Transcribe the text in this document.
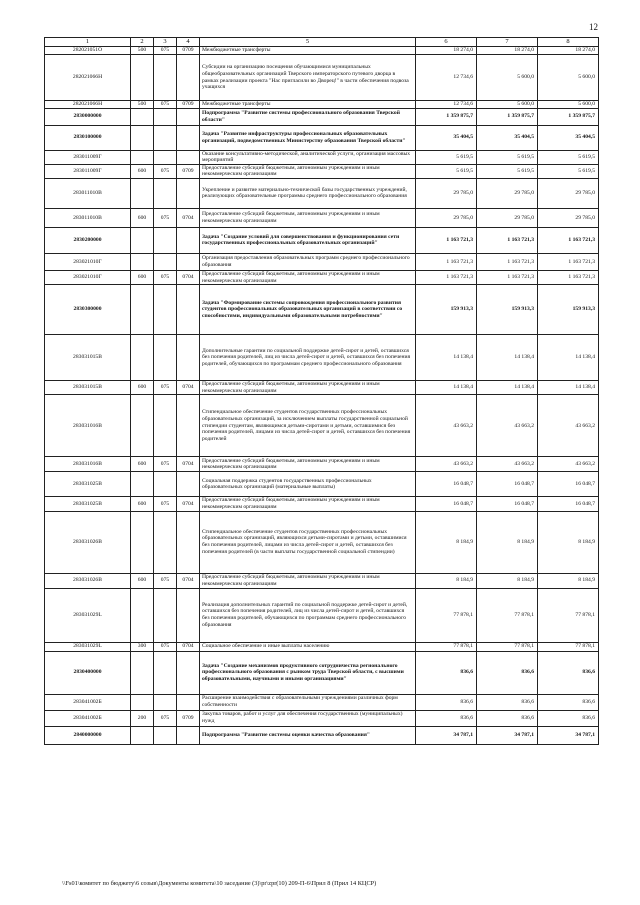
12
1	2	3	4	5	6	7	8
282021051O	500	075	0709	Межбюджетные трансферты	18 274,0	18 274,0	18 274,0
282021066H				Субсидии на организацию посещения обучающимися муниципальных общеобразовательных организаций Тверского императорского путевого дворца в рамках реализации проекта "Нас пригласили во Дворец!" в части обеспечения подвоза учащихся	12 734,6	5 600,0	5 600,0
282021066H	500	075	0709	Межбюджетные трансферты	12 734,6	5 600,0	5 600,0
2830000000				Подпрограмма "Развитие системы профессионального образования Тверской области"	1 359 875,7	1 359 875,7	1 359 875,7
2830100000				Задача "Развитие инфраструктуры профессиональных образовательных организаций, подведомственных Министерству образования Тверской области"	35 404,5	35 404,5	35 404,5
283011009Г				Оказание консультативно-методической, аналитической услуги, организация массовых мероприятий	5 619,5	5 619,5	5 619,5
283011009Г	600	075	0709	Предоставление субсидий бюджетным, автономным учреждениям и иным некоммерческим организациям	5 619,5	5 619,5	5 619,5
283011010В				Укрепление и развитие материально-технической базы государственных учреждений, реализующих образовательные программы среднего профессионального образования	29 785,0	29 785,0	29 785,0
283011010В	600	075	0704	Предоставление субсидий бюджетным, автономным учреждениям и иным некоммерческим организациям	29 785,0	29 785,0	29 785,0
2830200000				Задача "Создание условий для совершенствования и функционирования сети государственных профессиональных образовательных организаций"	1 163 721,3	1 163 721,3	1 163 721,3
283021010Г				Организация предоставления образовательных программ среднего профессионального образования	1 163 721,3	1 163 721,3	1 163 721,3
283021010Г	600	075	0704	Предоставление субсидий бюджетным, автономным учреждениям и иным некоммерческим организациям	1 163 721,3	1 163 721,3	1 163 721,3
2830300000				Задача "Формирование системы сопровождения профессионального развития студентов профессиональных образовательных организаций в соответствии со способностями, индивидуальными образовательными потребностями"	159 913,3	159 913,3	159 913,3
283031015В				Дополнительные гарантии по социальной поддержке детей-сирот и детей, оставшихся без попечения родителей, лиц из числа детей-сирот и детей, оставшихся без попечения родителей, обучающихся по программам среднего профессионального образования	14 138,4	14 138,4	14 138,4
283031015В	600	075	0704	Предоставление субсидий бюджетным, автономным учреждениям и иным некоммерческим организациям	14 138,4	14 138,4	14 138,4
283031016В				Стипендиальное обеспечение студентов государственных профессиональных образовательных организаций, за исключением выплаты государственной социальной стипендии студентам, являющимся детьми-сиротами и детьми, оставшимися без попечения родителей, лицами из числа детей-сирот и детей, оставшихся без попечения родителей	43 663,2	43 663,2	43 663,2
283031016В	600	075	0704	Предоставление субсидий бюджетным, автономным учреждениям и иным некоммерческим организациям	43 663,2	43 663,2	43 663,2
283031025В				Социальная поддержка студентов государственных профессиональных образовательных организаций (материальные выплаты)	16 048,7	16 048,7	16 048,7
283031025В	600	075	0704	Предоставление субсидий бюджетным, автономным учреждениям и иным некоммерческим организациям	16 048,7	16 048,7	16 048,7
283031026В				Стипендиальное обеспечение студентов государственных профессиональных образовательных организаций, являющихся детьми-сиротами и детьми, оставшимися без попечения родителей, лицами из числа детей-сирот и детей, оставшихся без попечения родителей (в части выплаты государственной социальной стипендии)	8 184,9	8 184,9	8 184,9
283031026В	600	075	0704	Предоставление субсидий бюджетным, автономным учреждениям и иным некоммерческим организациям	8 184,9	8 184,9	8 184,9
283031029L				Реализация дополнительных гарантий по социальной поддержке детей-сирот и детей, оставшихся без попечения родителей, лиц из числа детей-сирот и детей, оставшихся без попечения родителей, обучающихся по программам среднего профессионального образования	77 878,1	77 878,1	77 878,1
283031029L	300	075	0704	Социальное обеспечение и иные выплаты населению	77 878,1	77 878,1	77 878,1
2830400000				Задача "Создание механизмов продуктивного сотрудничества регионального профессионального образования с рынком труда Тверской области, с высшими образовательными, научными и иными организациями"	836,6	836,6	836,6
283041002Б				Расширение взаимодействия с образовательными учреждениями различных форм собственности	836,6	836,6	836,6
283041002Б	200	075	0709	Закупка товаров, работ и услуг для обеспечения государственных (муниципальных) нужд	836,6	836,6	836,6
2840000000				Подпрограмма "Развитие системы оценки качества образования"	34 787,1	34 787,1	34 787,1
\\Fs01\комитет по бюджету\6 созыв\Документы комитета\10 заседание (3)\pr\zpr(10) 209-П-6\Прил 8 (Прил 14 КЦСР)
